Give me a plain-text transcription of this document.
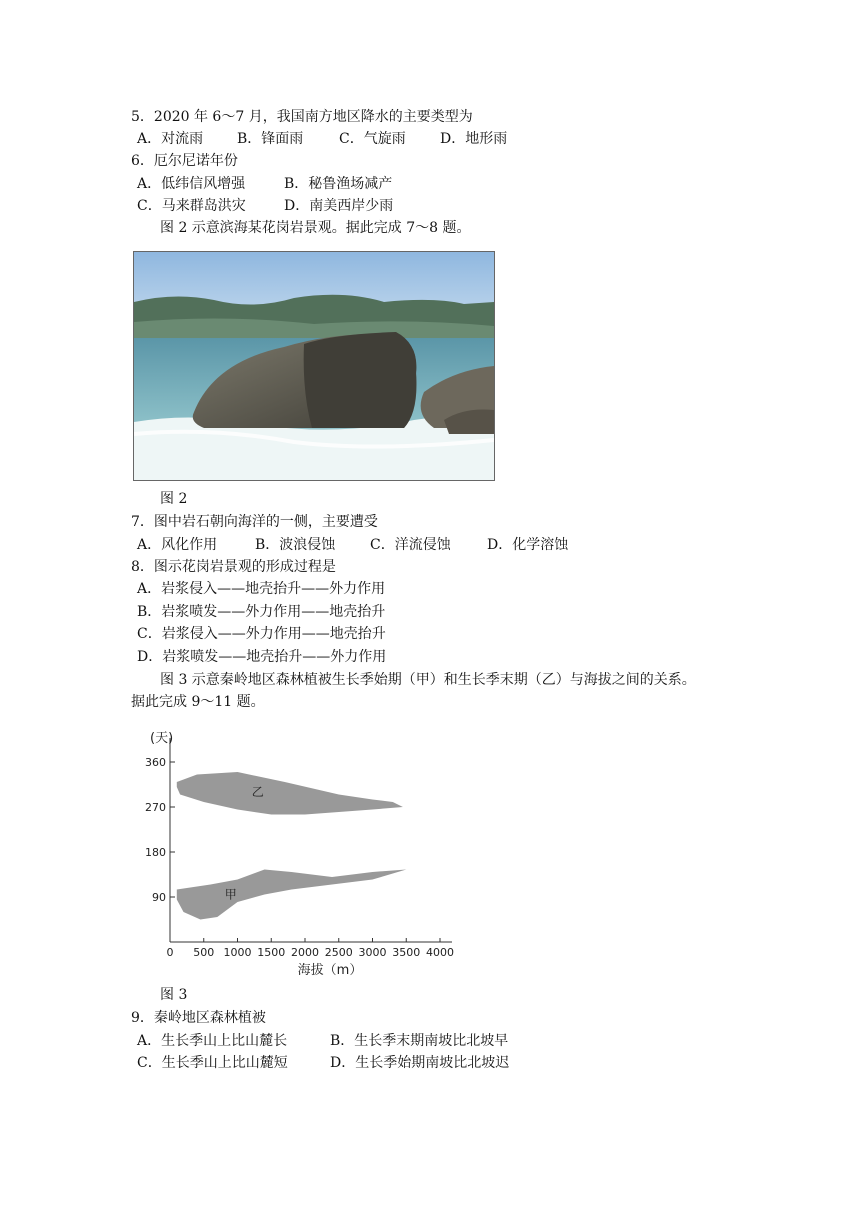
5．2020 年 6～7 月，我国南方地区降水的主要类型为
A．对流雨 B．锋面雨	C．气旋雨 D．地形雨
6．厄尔尼诺年份
A．低纬信风增强	B．秘鲁渔场减产
C．马来群岛洪灾	D．南美西岸少雨
图 2 示意滨海某花岗岩景观。据此完成 7～8 题。
图 2
7．图中岩石朝向海洋的一侧，主要遭受
A．风化作用	B．波浪侵蚀 C．洋流侵蚀	D．化学溶蚀
8．图示花岗岩景观的形成过程是
A．岩浆侵入——地壳抬升——外力作用
B．岩浆喷发——外力作用——地壳抬升
C．岩浆侵入——外力作用——地壳抬升
D．岩浆喷发——地壳抬升——外力作用
图 3 示意秦岭地区森林植被生长季始期（甲）和生长季末期（乙）与海拔之间的关系。
据此完成 9～11 题。
乙
甲
0 500 1000 1500 2000 2500 3000 3500 4000
90
180
270
360
(天)
海拔（m）
图 3
9．秦岭地区森林植被
A．生长季山上比山麓长	B．生长季末期南坡比北坡早
C．生长季山上比山麓短	D．生长季始期南坡比北坡迟
